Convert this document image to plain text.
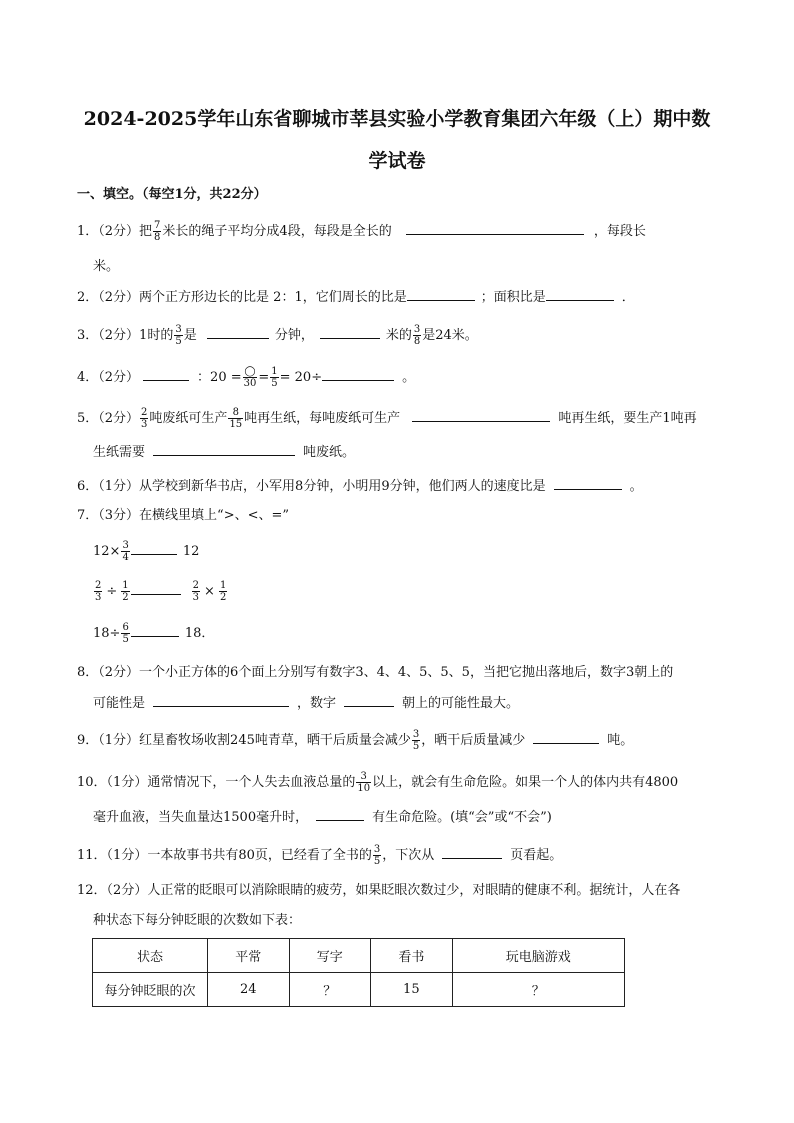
2024-2025学年山东省聊城市莘县实验小学教育集团六年级（上）期中数
学试卷
一、填空。（每空1分，共22分）
1．（2分）把 $\frac{7}{8}$ 米长的绳子平均分成4段，每段是全长的	，每段长
米。
2．（2分）两个正方形边长的比是 2：1，它们周长的比是	；面积比是	．
3．（2分）1时的 $\frac{3}{5}$ 是	分钟，	米的 $\frac{3}{8}$ 是24米。
4．（2分）	：$20 = \frac{◯}{30} = \frac{1}{5} = 20\div$	。
5．（2分） $\frac{2}{3}$ 吨废纸可生产 $\frac{8}{15}$ 吨再生纸，每吨废纸可生产	吨再生纸，要生产1吨再
生纸需要	吨废纸。
6．（1分）从学校到新华书店，小军用8分钟，小明用9分钟，他们两人的速度比是	。
7．（3分）在横线里填上“>、<、=”
$12\times \frac{3}{4}$	12
$\frac{2}{3} \div \frac{1}{2}$	$\frac{2}{3} \times \frac{1}{2}$
$18\div \frac{6}{5}$	18．
8．（2分）一个小正方体的6个面上分别写有数字3、4、4、5、5、5，当把它抛出落地后，数字3朝上的
可能性是	，数字	朝上的可能性最大。
9．（1分）红星畜牧场收割245吨青草，晒干后质量会减少 $\frac{3}{5}$ ，晒干后质量减少	吨。
10．（1分）通常情况下，一个人失去血液总量的 $\frac{3}{10}$ 以上，就会有生命危险。如果一个人的体内共有4800
毫升血液，当失血量达1500毫升时，	有生命危险。(填“会”或“不会”)
11．（1分）一本故事书共有80页，已经看了全书的 $\frac{3}{5}$ ，下次从	页看起。
12．（2分）人正常的眨眼可以消除眼睛的疲劳，如果眨眼次数过少，对眼睛的健康不利。据统计，人在各
种状态下每分钟眨眼的次数如下表：
状态	平常	写字	看书	玩电脑游戏
每分钟眨眼的次	24	？	15	？
